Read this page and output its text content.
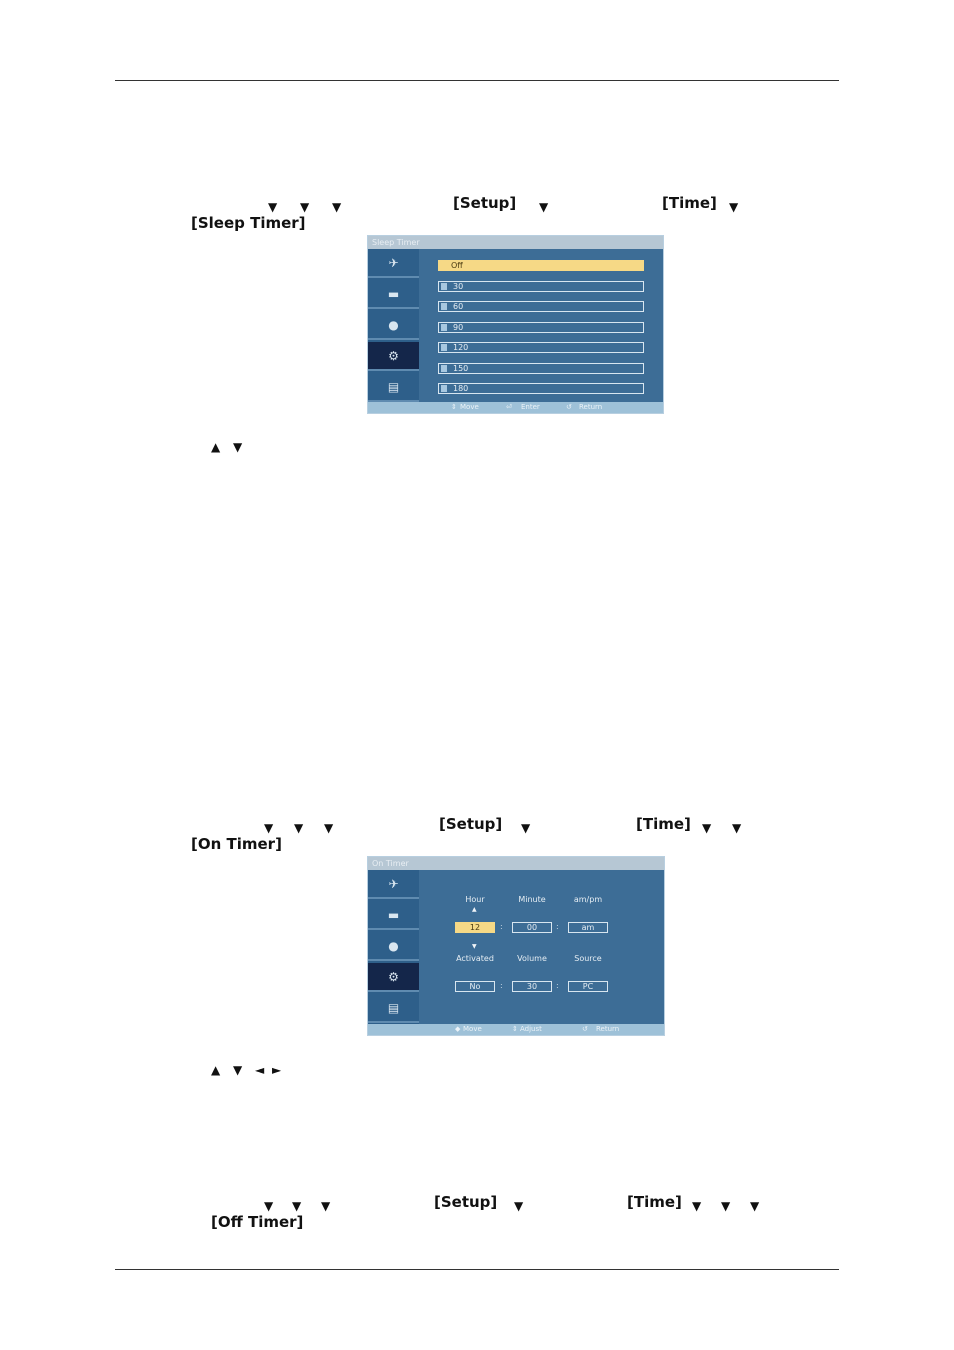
▼ ▼ ▼	[Setup] ▼	[Time] ▼
[Sleep Timer]
Sleep Timer
✈
▬
●
⚙
▤
Off
30
60
90
120
150
180
⇕ Move	⏎ Enter	↺ Return
▲ ▼
▼ ▼ ▼	[Setup] ▼	[Time] ▼ ▼
[On Timer]
On Timer
✈
▬
●
⚙
▤
Hour	Minute	am/pm
▲
12	:	00	:	am
▼
Activated	Volume	Source
No	:	30	:	PC
◆ Move	⇕ Adjust	↺ Return
▲ ▼ ◄ ►
▼ ▼ ▼	[Setup] ▼	[Time] ▼ ▼ ▼
[Off Timer]
